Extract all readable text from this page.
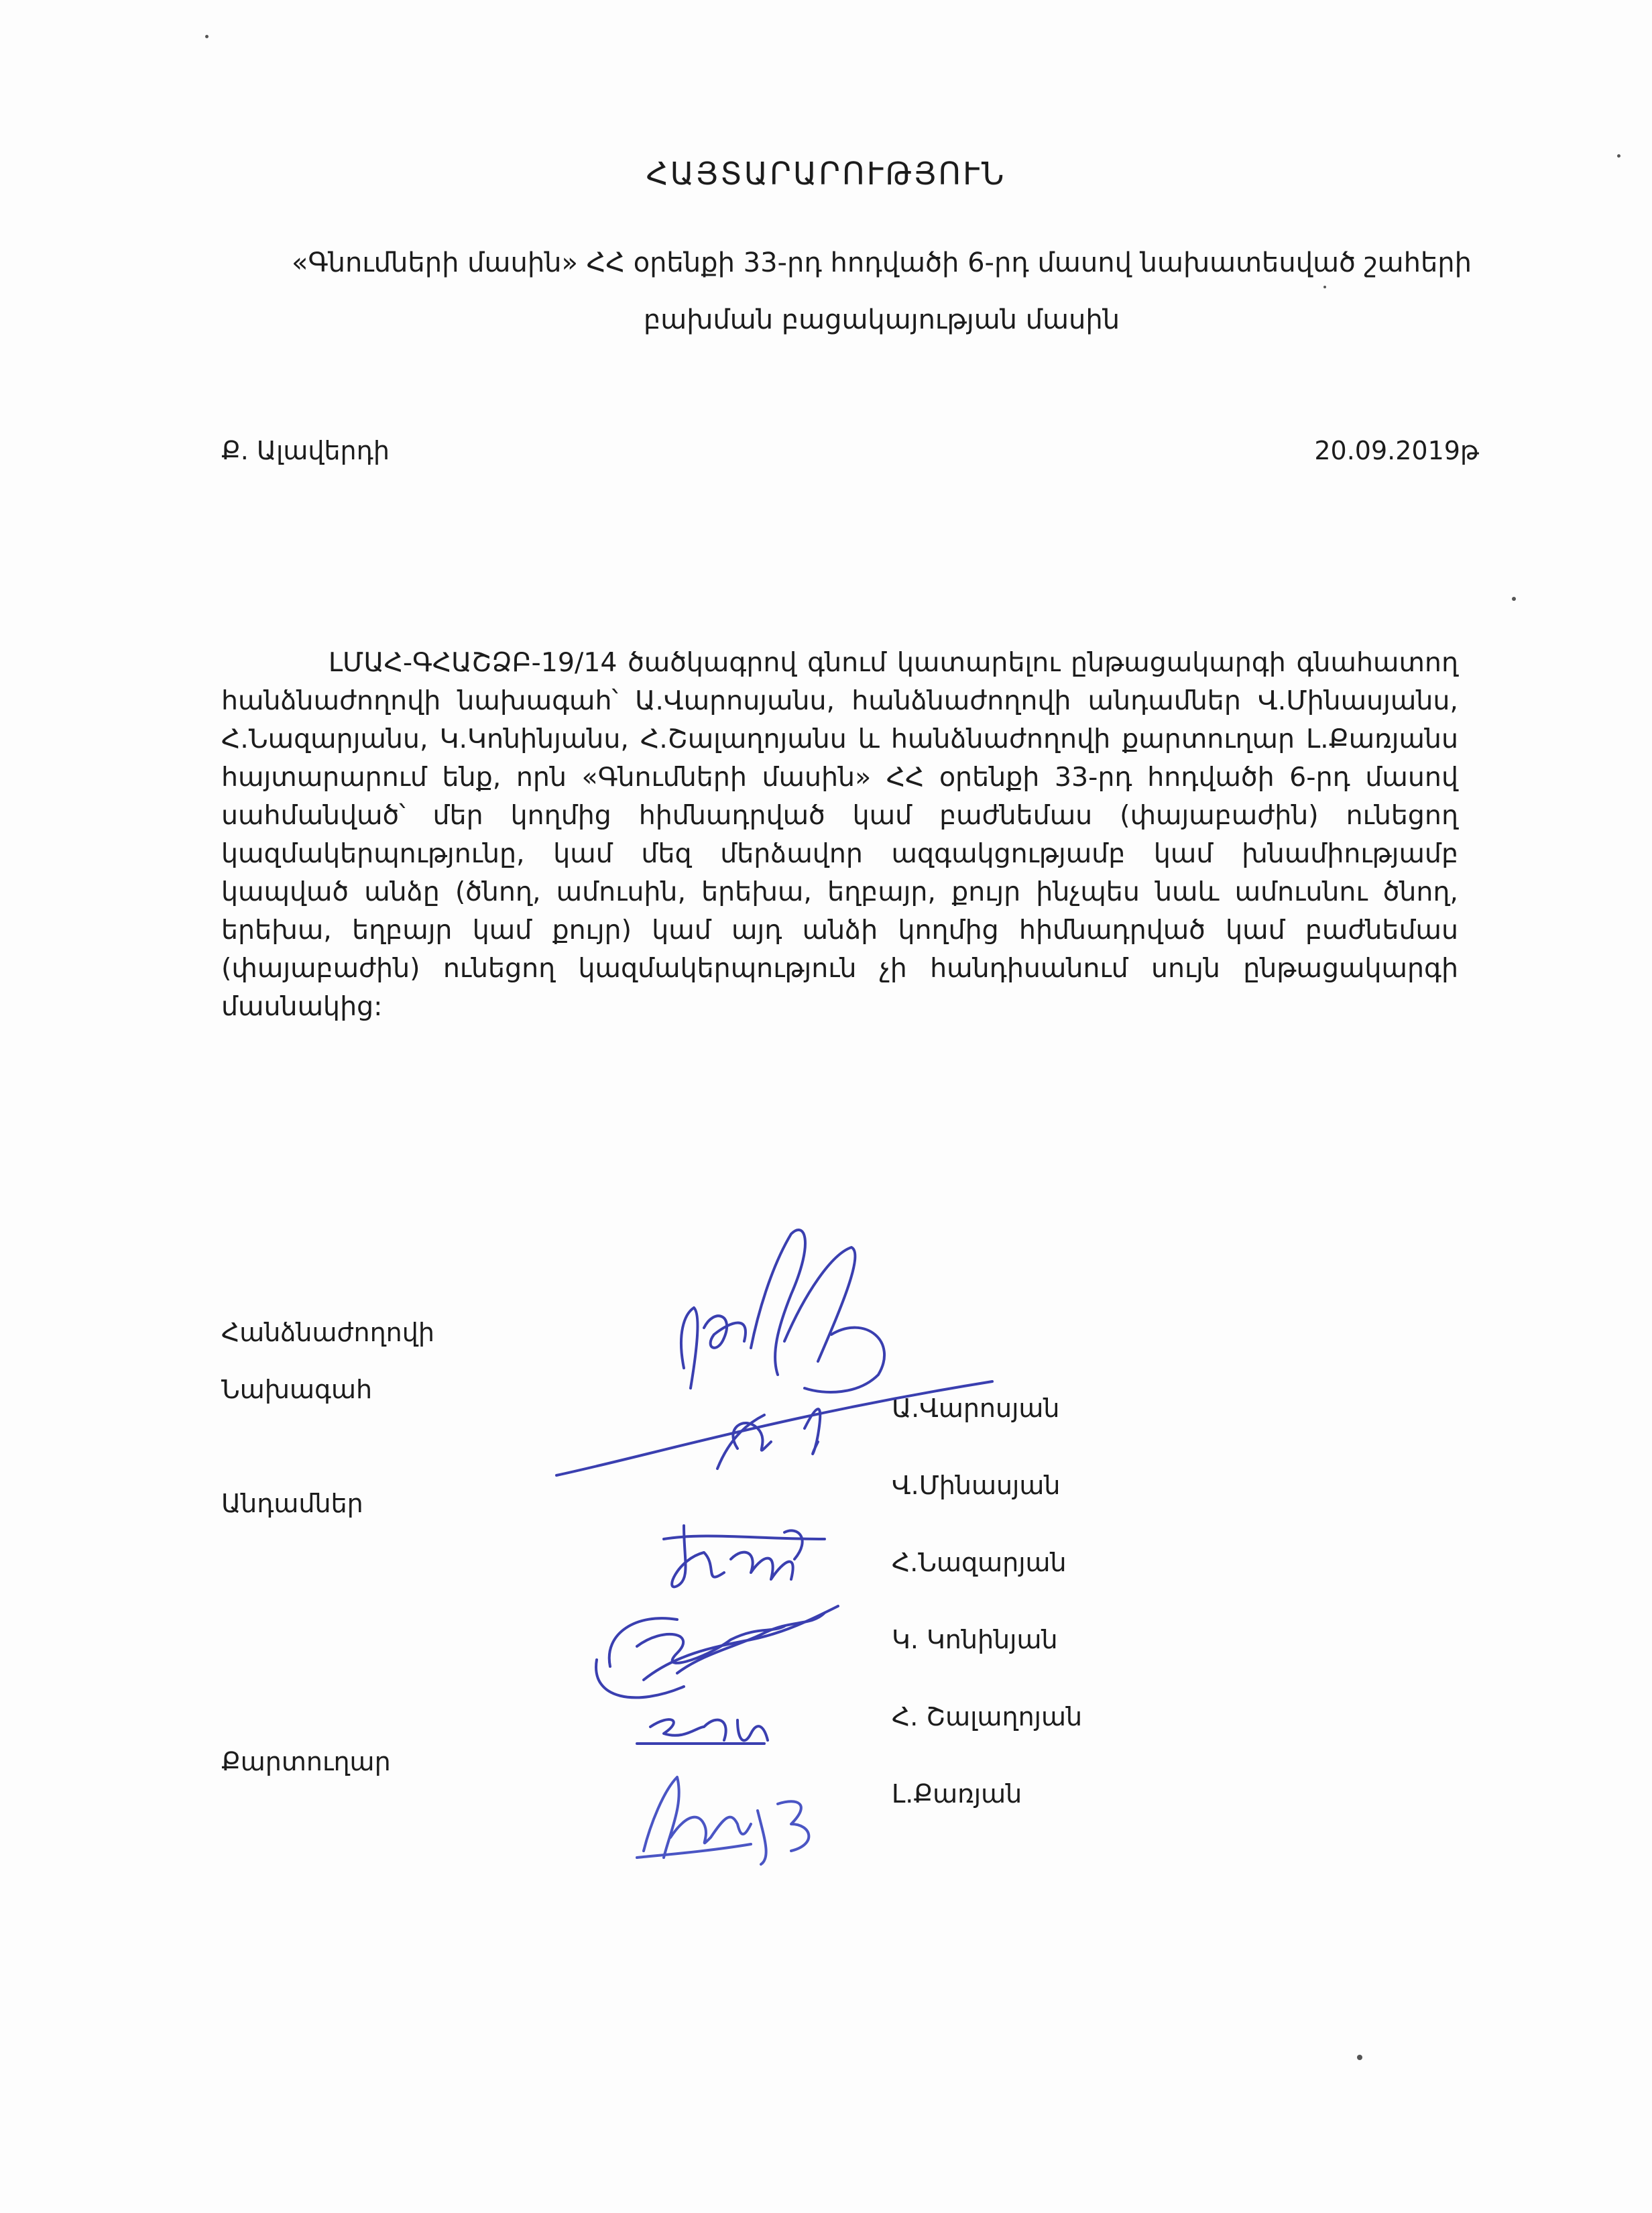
ՀԱՅՏԱՐԱՐՈՒԹՅՈՒՆ
«Գնումների մասին» ՀՀ օրենքի 33-րդ հոդվածի 6-րդ մասով նախատեսված շահերի
բախման բացակայության մասին
Ք. Ալավերդի	20.09.2019թ
ԼՄԱՀ-ԳՀԱՇՁԲ-19/14 ծածկագրով գնում կատարելու ընթացակարգի գնահատող հանձնաժողովի նախագահ՝ Ա.Վարոսյանս, հանձնաժողովի անդամներ Վ.Մինասյանս, Հ.Նազարյանս, Կ.Կոնինյանս, Հ.Շալաղոյանս և հանձնաժողովի քարտուղար Լ.Քառյանս հայտարարում ենք, որն «Գնումների մասին» ՀՀ օրենքի 33-րդ հոդվածի 6-րդ մասով սահմանված՝ մեր կողմից հիմնադրված կամ բաժնեմաս (փայաբաժին) ունեցող կազմակերպությունը, կամ մեզ մերձավոր ազգակցությամբ կամ խնամիությամբ կապված անձը (ծնող, ամուսին, երեխա, եղբայր, քույր ինչպես նաև ամուսնու ծնող, երեխա, եղբայր կամ քույր) կամ այդ անձի կողմից հիմնադրված կամ բաժնեմաս (փայաբաժին) ունեցող կազմակերպություն չի հանդիսանում սույն ընթացակարգի մասնակից:
Հանձնաժողովի
Նախագահ
Անդամներ
Քարտուղար
Ա.Վարոսյան
Վ.Մինասյան
Հ.Նազարյան
Կ. Կոնինյան
Հ. Շալաղոյան
Լ.Քառյան
